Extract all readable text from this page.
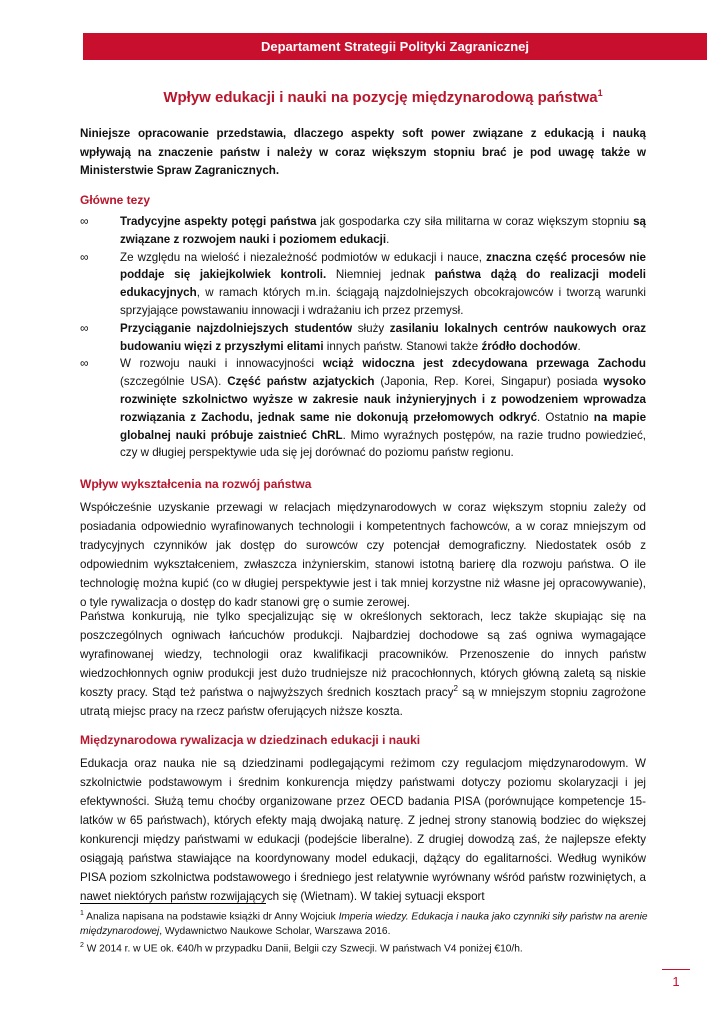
Departament Strategii Polityki Zagranicznej
Wpływ edukacji i nauki na pozycję międzynarodową państwa$^1$

Niniejsze opracowanie przedstawia, dlaczego aspekty soft power związane z edukacją i nauką wpływają na znaczenie państw i należy w coraz większym stopniu brać je pod uwagę także w Ministerstwie Spraw Zagranicznych.

Główne tezy
∞	Tradycyjne aspekty potęgi państwa jak gospodarka czy siła militarna w coraz większym stopniu są związane z rozwojem nauki i poziomem edukacji.
∞	Ze względu na wielość i niezależność podmiotów w edukacji i nauce, znaczna część procesów nie poddaje się jakiejkolwiek kontroli. Niemniej jednak państwa dążą do realizacji modeli edukacyjnych, w ramach których m.in. ściągają najzdolniejszych obcokrajowców i tworzą warunki sprzyjające powstawaniu innowacji i wdrażaniu ich przez przemysł.
∞	Przyciąganie najzdolniejszych studentów służy zasilaniu lokalnych centrów naukowych oraz budowaniu więzi z przyszłymi elitami innych państw. Stanowi także źródło dochodów.
∞	W rozwoju nauki i innowacyjności wciąż widoczna jest zdecydowana przewaga Zachodu (szczególnie USA). Część państw azjatyckich (Japonia, Rep. Korei, Singapur) posiada wysoko rozwinięte szkolnictwo wyższe w zakresie nauk inżynieryjnych i z powodzeniem wprowadza rozwiązania z Zachodu, jednak same nie dokonują przełomowych odkryć. Ostatnio na mapie globalnej nauki próbuje zaistnieć ChRL. Mimo wyraźnych postępów, na razie trudno powiedzieć, czy w długiej perspektywie uda się jej dorównać do poziomu państw regionu.
Wpływ wykształcenia na rozwój państwa

Współcześnie uzyskanie przewagi w relacjach międzynarodowych w coraz większym stopniu zależy od posiadania odpowiednio wyrafinowanych technologii i kompetentnych fachowców, a w coraz mniejszym od tradycyjnych czynników jak dostęp do surowców czy potencjał demograficzny. Niedostatek osób z odpowiednim wykształceniem, zwłaszcza inżynierskim, stanowi istotną barierę dla rozwoju państwa. O ile technologię można kupić (co w długiej perspektywie jest i tak mniej korzystne niż własne jej opracowywanie), o tyle rywalizacja o dostęp do kadr stanowi grę o sumie zerowej.

Państwa konkurują, nie tylko specjalizując się w określonych sektorach, lecz także skupiając się na poszczególnych ogniwach łańcuchów produkcji. Najbardziej dochodowe są zaś ogniwa wymagające wyrafinowanej wiedzy, technologii oraz kwalifikacji pracowników. Przenoszenie do innych państw wiedzochłonnych ogniw produkcji jest dużo trudniejsze niż pracochłonnych, których główną zaletą są niskie koszty pracy. Stąd też państwa o najwyższych średnich kosztach pracy$^2$ są w mniejszym stopniu zagrożone utratą miejsc pracy na rzecz państw oferujących niższe koszta.

Międzynarodowa rywalizacja w dziedzinach edukacji i nauki

Edukacja oraz nauka nie są dziedzinami podlegającymi reżimom czy regulacjom międzynarodowym. W szkolnictwie podstawowym i średnim konkurencja między państwami dotyczy poziomu skolaryzacji i jej efektywności. Służą temu choćby organizowane przez OECD badania PISA (porównujące kompetencje 15-latków w 65 państwach), których efekty mają dwojaką naturę. Z jednej strony stanowią bodziec do większej konkurencji między państwami w edukacji (podejście liberalne). Z drugiej dowodzą zaś, że najlepsze efekty osiągają państwa stawiające na koordynowany model edukacji, dążący do egalitarności. Według wyników PISA poziom szkolnictwa podstawowego i średniego jest relatywnie wyrównany wśród państw rozwiniętych, a nawet niektórych państw rozwijających się (Wietnam). W takiej sytuacji eksport

$^1$ Analiza napisana na podstawie książki dr Anny Wojciuk Imperia wiedzy. Edukacja i nauka jako czynniki siły państw na arenie międzynarodowej, Wydawnictwo Naukowe Scholar, Warszawa 2016.

$^2$ W 2014 r. w UE ok. €40/h w przypadku Danii, Belgii czy Szwecji. W państwach V4 poniżej €10/h.

1
